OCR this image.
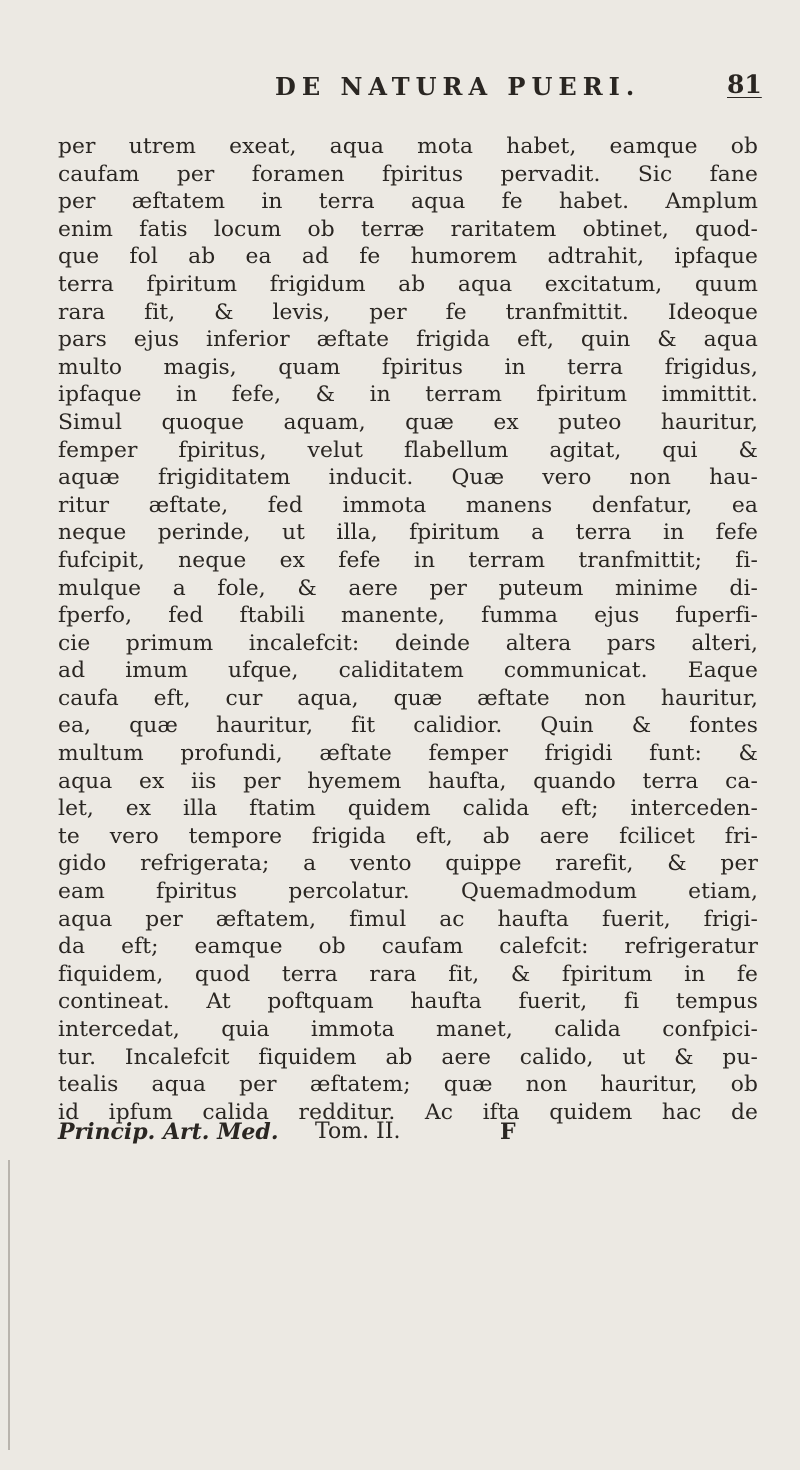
DE NATURA PUERI.	81
per utrem exeat, aqua mota habet, eamque ob
caufam per foramen fpiritus pervadit. Sic fane
per æftatem in terra aqua fe habet. Amplum
enim fatis locum ob terræ raritatem obtinet, quod-
que fol ab ea ad fe humorem adtrahit, ipfaque
terra fpiritum frigidum ab aqua excitatum, quum
rara fit, & levis, per fe tranfmittit. Ideoque
pars ejus inferior æftate frigida eft, quin & aqua
multo magis, quam fpiritus in terra frigidus,
ipfaque in fefe, & in terram fpiritum immittit.
Simul quoque aquam, quæ ex puteo hauritur,
femper fpiritus, velut flabellum agitat, qui &
aquæ frigiditatem inducit. Quæ vero non hau-
ritur æftate, fed immota manens denfatur, ea
neque perinde, ut illa, fpiritum a terra in fefe
fufcipit, neque ex fefe in terram tranfmittit; fi-
mulque a fole, & aere per puteum minime di-
fperfo, fed ftabili manente, fumma ejus fuperfi-
cie primum incalefcit: deinde altera pars alteri,
ad imum ufque, caliditatem communicat. Eaque
caufa eft, cur aqua, quæ æftate non hauritur,
ea, quæ hauritur, fit calidior. Quin & fontes
multum profundi, æftate femper frigidi funt: &
aqua ex iis per hyemem haufta, quando terra ca-
let, ex illa ftatim quidem calida eft; interceden-
te vero tempore frigida eft, ab aere fcilicet fri-
gido refrigerata; a vento quippe rarefit, & per
eam fpiritus percolatur. Quemadmodum etiam,
aqua per æftatem, fimul ac haufta fuerit, frigi-
da eft; eamque ob caufam calefcit: refrigeratur
fiquidem, quod terra rara fit, & fpiritum in fe
contineat. At poftquam haufta fuerit, fi tempus
intercedat, quia immota manet, calida confpici-
tur. Incalefcit fiquidem ab aere calido, ut & pu-
tealis aqua per æftatem; quæ non hauritur, ob
id ipfum calida redditur. Ac ifta quidem hac de
Princip. Art. Med. Tom. II.	F
